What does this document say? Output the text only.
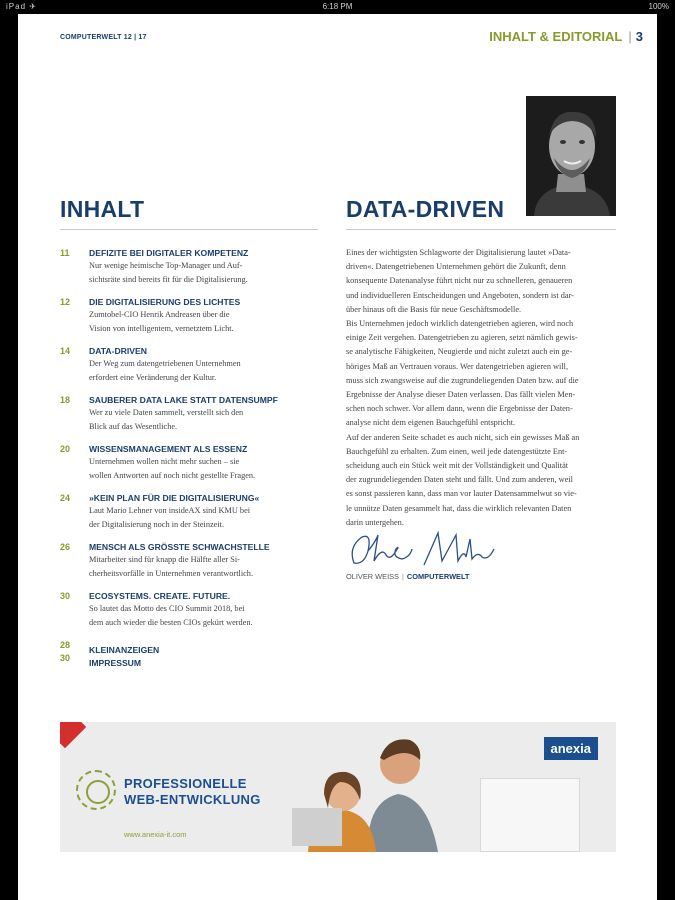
iPad ✈	6:18 PM	100%
COMPUTERWELT 12 | 17	INHALT & EDITORIAL | 3
INHALT	DATA-DRIVEN
11 DEFIZITE BEI DIGITALER KOMPETENZ
Nur wenige heimische Top-Manager und Auf-
sichtsräte sind bereits fit für die Digitalisierung.
12 DIE DIGITALISIERUNG DES LICHTES
Zumtobel-CIO Henrik Andreasen über die
Vision von intelligentem, vernetztem Licht.
14 DATA-DRIVEN
Der Weg zum datengetriebenen Unternehmen
erfordert eine Veränderung der Kultur.
18 SAUBERER DATA LAKE STATT DATENSUMPF
Wer zu viele Daten sammelt, verstellt sich den
Blick auf das Wesentliche.
20 WISSENSMANAGEMENT ALS ESSENZ
Unternehmen wollen nicht mehr suchen – sie
wollen Antworten auf noch nicht gestellte Fragen.
24 »KEIN PLAN FÜR DIE DIGITALISIERUNG«
Laut Mario Lehner von insideAX sind KMU bei
der Digitalisierung noch in der Steinzeit.
26 MENSCH ALS GRÖSSTE SCHWACHSTELLE
Mitarbeiter sind für knapp die Hälfte aller Si-
cherheitsvorfälle in Unternehmen verantwortlich.
30 ECOSYSTEMS. CREATE. FUTURE.
So lautet das Motto des CIO Summit 2018, bei
dem auch wieder die besten CIOs gekürt werden.
28 KLEINANZEIGEN
30 IMPRESSUM
Eines der wichtigsten Schlagworte der Digitalisierung lautet »Data-
driven«. Datengetriebenen Unternehmen gehört die Zukunft, denn
konsequente Datenanalyse führt nicht nur zu schnelleren, genaueren
und individuelleren Entscheidungen und Angeboten, sondern ist dar-
über hinaus oft die Basis für neue Geschäftsmodelle.
Bis Unternehmen jedoch wirklich datengetrieben agieren, wird noch
einige Zeit vergehen. Datengetrieben zu agieren, setzt nämlich gewis-
se analytische Fähigkeiten, Neugierde und nicht zuletzt auch ein ge-
höriges Maß an Vertrauen voraus. Wer datengetrieben agieren will,
muss sich zwangsweise auf die zugrundeliegenden Daten bzw. auf die
Ergebnisse der Analyse dieser Daten verlassen. Das fällt vielen Men-
schen noch schwer. Vor allem dann, wenn die Ergebnisse der Daten-
analyse nicht dem eigenen Bauchgefühl entspricht.
Auf der anderen Seite schadet es auch nicht, sich ein gewisses Maß an
Bauchgefühl zu erhalten. Zum einen, weil jede datengestützte Ent-
scheidung auch ein Stück weit mit der Vollständigkeit und Qualität
der zugrundeliegenden Daten steht und fällt. Und zum anderen, weil
es sonst passieren kann, dass man vor lauter Datensammelwut so vie-
le unnütze Daten gesammelt hat, dass die wirklich relevanten Daten
darin untergehen.
OLIVER WEISS | COMPUTERWELT
PROFESSIONELLE
WEB-ENTWICKLUNG
www.anexia-it.com
anexia
